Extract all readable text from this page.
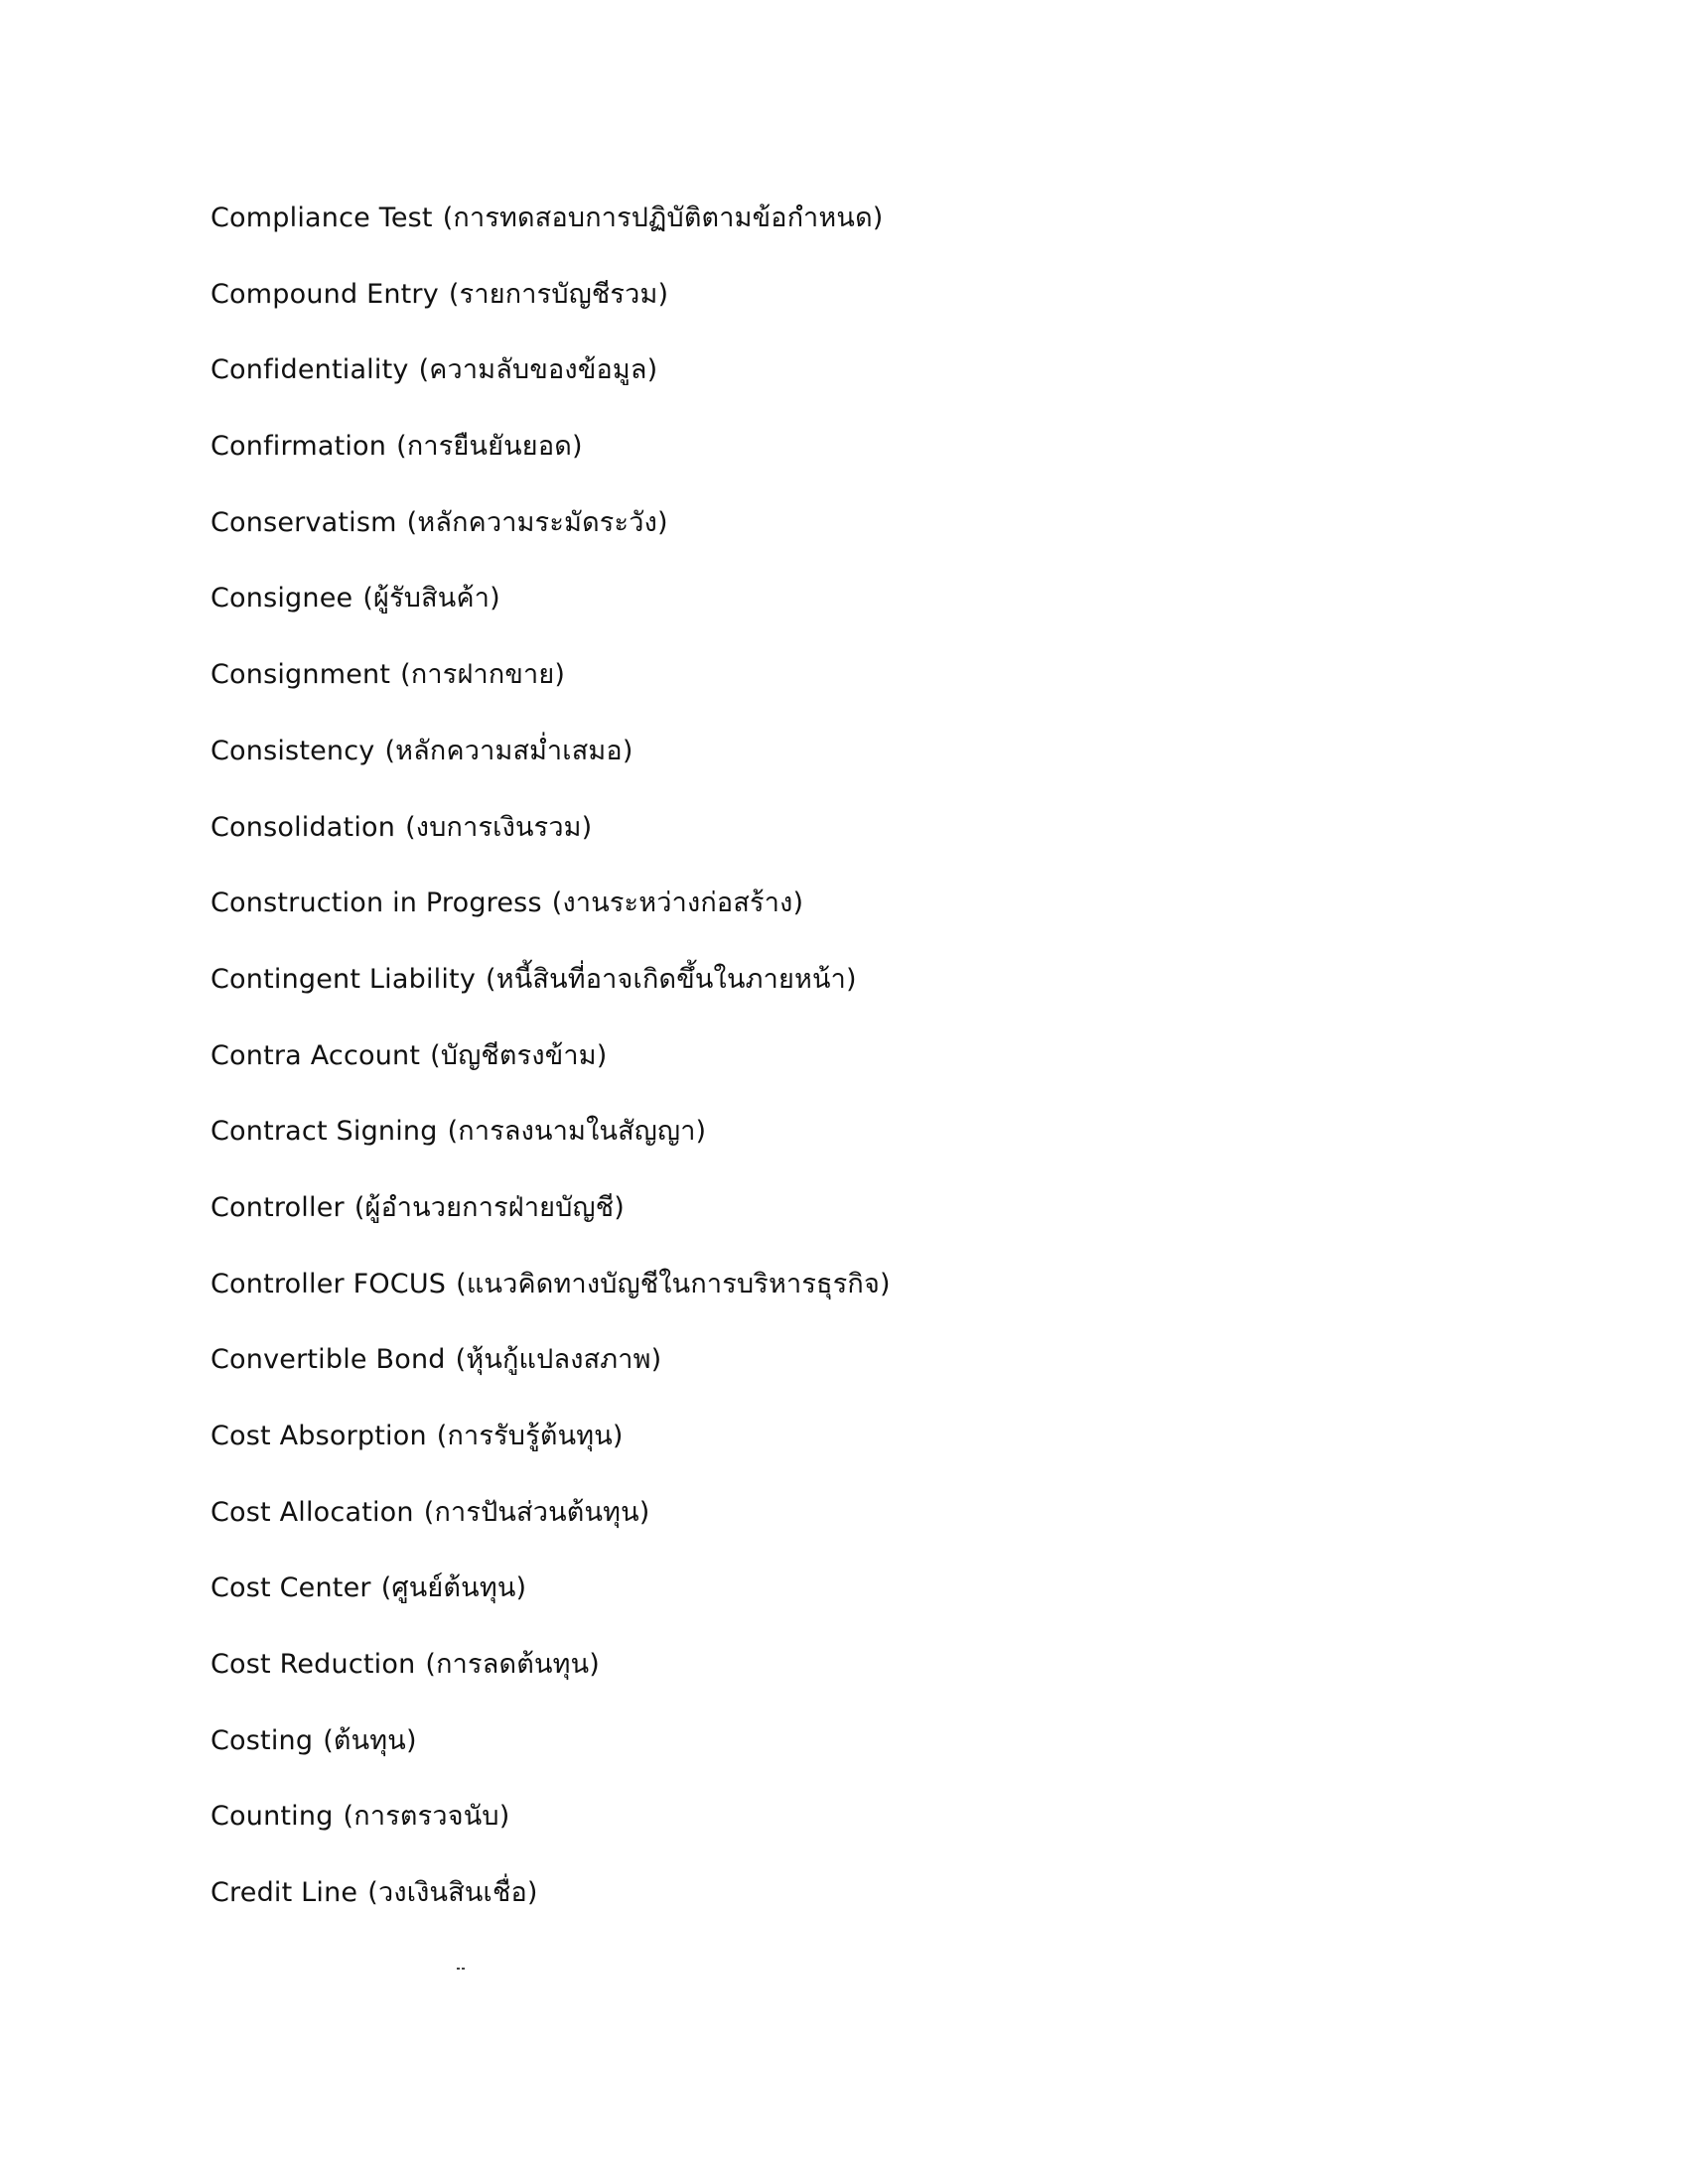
Compliance Test (การทดสอบการปฏิบัติตามข้อกำหนด)
Compound Entry (รายการบัญชีรวม)
Confidentiality (ความลับของข้อมูล)
Confirmation (การยืนยันยอด)
Conservatism (หลักความระมัดระวัง)
Consignee (ผู้รับสินค้า)
Consignment (การฝากขาย)
Consistency (หลักความสม่ำเสมอ)
Consolidation (งบการเงินรวม)
Construction in Progress (งานระหว่างก่อสร้าง)
Contingent Liability (หนี้สินที่อาจเกิดขึ้นในภายหน้า)
Contra Account (บัญชีตรงข้าม)
Contract Signing (การลงนามในสัญญา)
Controller (ผู้อำนวยการฝ่ายบัญชี)
Controller FOCUS (แนวคิดทางบัญชีในการบริหารธุรกิจ)
Convertible Bond (หุ้นกู้แปลงสภาพ)
Cost Absorption (การรับรู้ต้นทุน)
Cost Allocation (การปันส่วนต้นทุน)
Cost Center (ศูนย์ต้นทุน)
Cost Reduction (การลดต้นทุน)
Costing (ต้นทุน)
Counting (การตรวจนับ)
Credit Line (วงเงินสินเชื่อ)
